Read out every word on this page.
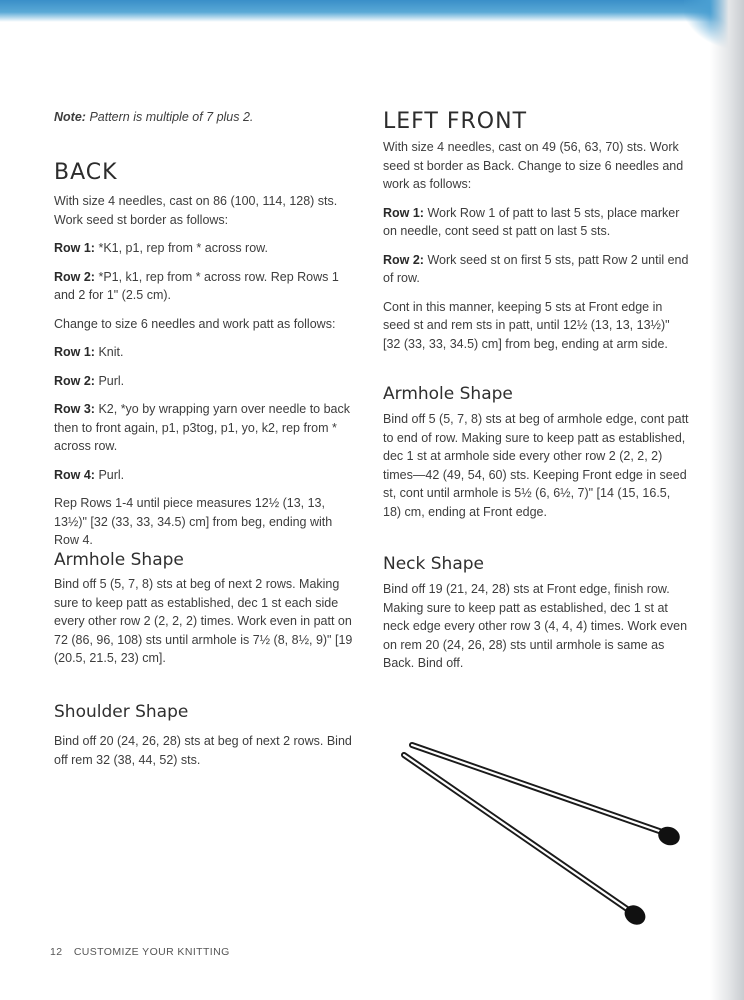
Note: Pattern is multiple of 7 plus 2.

BACK

With size 4 needles, cast on 86 (100, 114, 128) sts. Work seed st border as follows:

Row 1: *K1, p1, rep from * across row.

Row 2: *P1, k1, rep from * across row. Rep Rows 1 and 2 for 1" (2.5 cm).

Change to size 6 needles and work patt as follows:

Row 1: Knit.

Row 2: Purl.

Row 3: K2, *yo by wrapping yarn over needle to back then to front again, p1, p3tog, p1, yo, k2, rep from * across row.

Row 4: Purl.

Rep Rows 1-4 until piece measures 12½ (13, 13, 13½)" [32 (33, 33, 34.5) cm] from beg, ending with Row 4.

Armhole Shape

Bind off 5 (5, 7, 8) sts at beg of next 2 rows. Making sure to keep patt as established, dec 1 st each side every other row 2 (2, 2, 2) times. Work even in patt on 72 (86, 96, 108) sts until armhole is 7½ (8, 8½, 9)" [19 (20.5, 21.5, 23) cm].

Shoulder Shape

Bind off 20 (24, 26, 28) sts at beg of next 2 rows. Bind off rem 32 (38, 44, 52) sts.

LEFT FRONT

With size 4 needles, cast on 49 (56, 63, 70) sts. Work seed st border as Back. Change to size 6 needles and work as follows:

Row 1: Work Row 1 of patt to last 5 sts, place marker on needle, cont seed st patt on last 5 sts.

Row 2: Work seed st on first 5 sts, patt Row 2 until end of row.

Cont in this manner, keeping 5 sts at Front edge in seed st and rem sts in patt, until 12½ (13, 13, 13½)" [32 (33, 33, 34.5) cm] from beg, ending at arm side.

Armhole Shape

Bind off 5 (5, 7, 8) sts at beg of armhole edge, cont patt to end of row. Making sure to keep patt as established, dec 1 st at armhole side every other row 2 (2, 2, 2) times—42 (49, 54, 60) sts. Keeping Front edge in seed st, cont until armhole is 5½ (6, 6½, 7)" [14 (15, 16.5, 18) cm, ending at Front edge.

Neck Shape

Bind off 19 (21, 24, 28) sts at Front edge, finish row. Making sure to keep patt as established, dec 1 st at neck edge every other row 3 (4, 4, 4) times. Work even on rem 20 (24, 26, 28) sts until armhole is same as Back. Bind off.

12 CUSTOMIZE YOUR KNITTING
